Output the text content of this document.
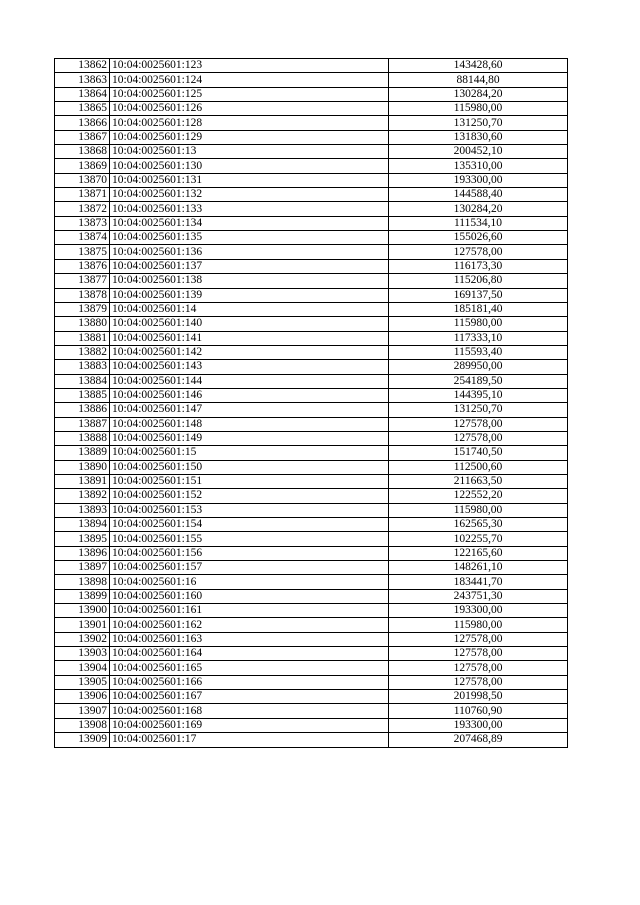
13862	10:04:0025601:123	143428,60
13863	10:04:0025601:124	88144,80
13864	10:04:0025601:125	130284,20
13865	10:04:0025601:126	115980,00
13866	10:04:0025601:128	131250,70
13867	10:04:0025601:129	131830,60
13868	10:04:0025601:13	200452,10
13869	10:04:0025601:130	135310,00
13870	10:04:0025601:131	193300,00
13871	10:04:0025601:132	144588,40
13872	10:04:0025601:133	130284,20
13873	10:04:0025601:134	111534,10
13874	10:04:0025601:135	155026,60
13875	10:04:0025601:136	127578,00
13876	10:04:0025601:137	116173,30
13877	10:04:0025601:138	115206,80
13878	10:04:0025601:139	169137,50
13879	10:04:0025601:14	185181,40
13880	10:04:0025601:140	115980,00
13881	10:04:0025601:141	117333,10
13882	10:04:0025601:142	115593,40
13883	10:04:0025601:143	289950,00
13884	10:04:0025601:144	254189,50
13885	10:04:0025601:146	144395,10
13886	10:04:0025601:147	131250,70
13887	10:04:0025601:148	127578,00
13888	10:04:0025601:149	127578,00
13889	10:04:0025601:15	151740,50
13890	10:04:0025601:150	112500,60
13891	10:04:0025601:151	211663,50
13892	10:04:0025601:152	122552,20
13893	10:04:0025601:153	115980,00
13894	10:04:0025601:154	162565,30
13895	10:04:0025601:155	102255,70
13896	10:04:0025601:156	122165,60
13897	10:04:0025601:157	148261,10
13898	10:04:0025601:16	183441,70
13899	10:04:0025601:160	243751,30
13900	10:04:0025601:161	193300,00
13901	10:04:0025601:162	115980,00
13902	10:04:0025601:163	127578,00
13903	10:04:0025601:164	127578,00
13904	10:04:0025601:165	127578,00
13905	10:04:0025601:166	127578,00
13906	10:04:0025601:167	201998,50
13907	10:04:0025601:168	110760,90
13908	10:04:0025601:169	193300,00
13909	10:04:0025601:17	207468,89
